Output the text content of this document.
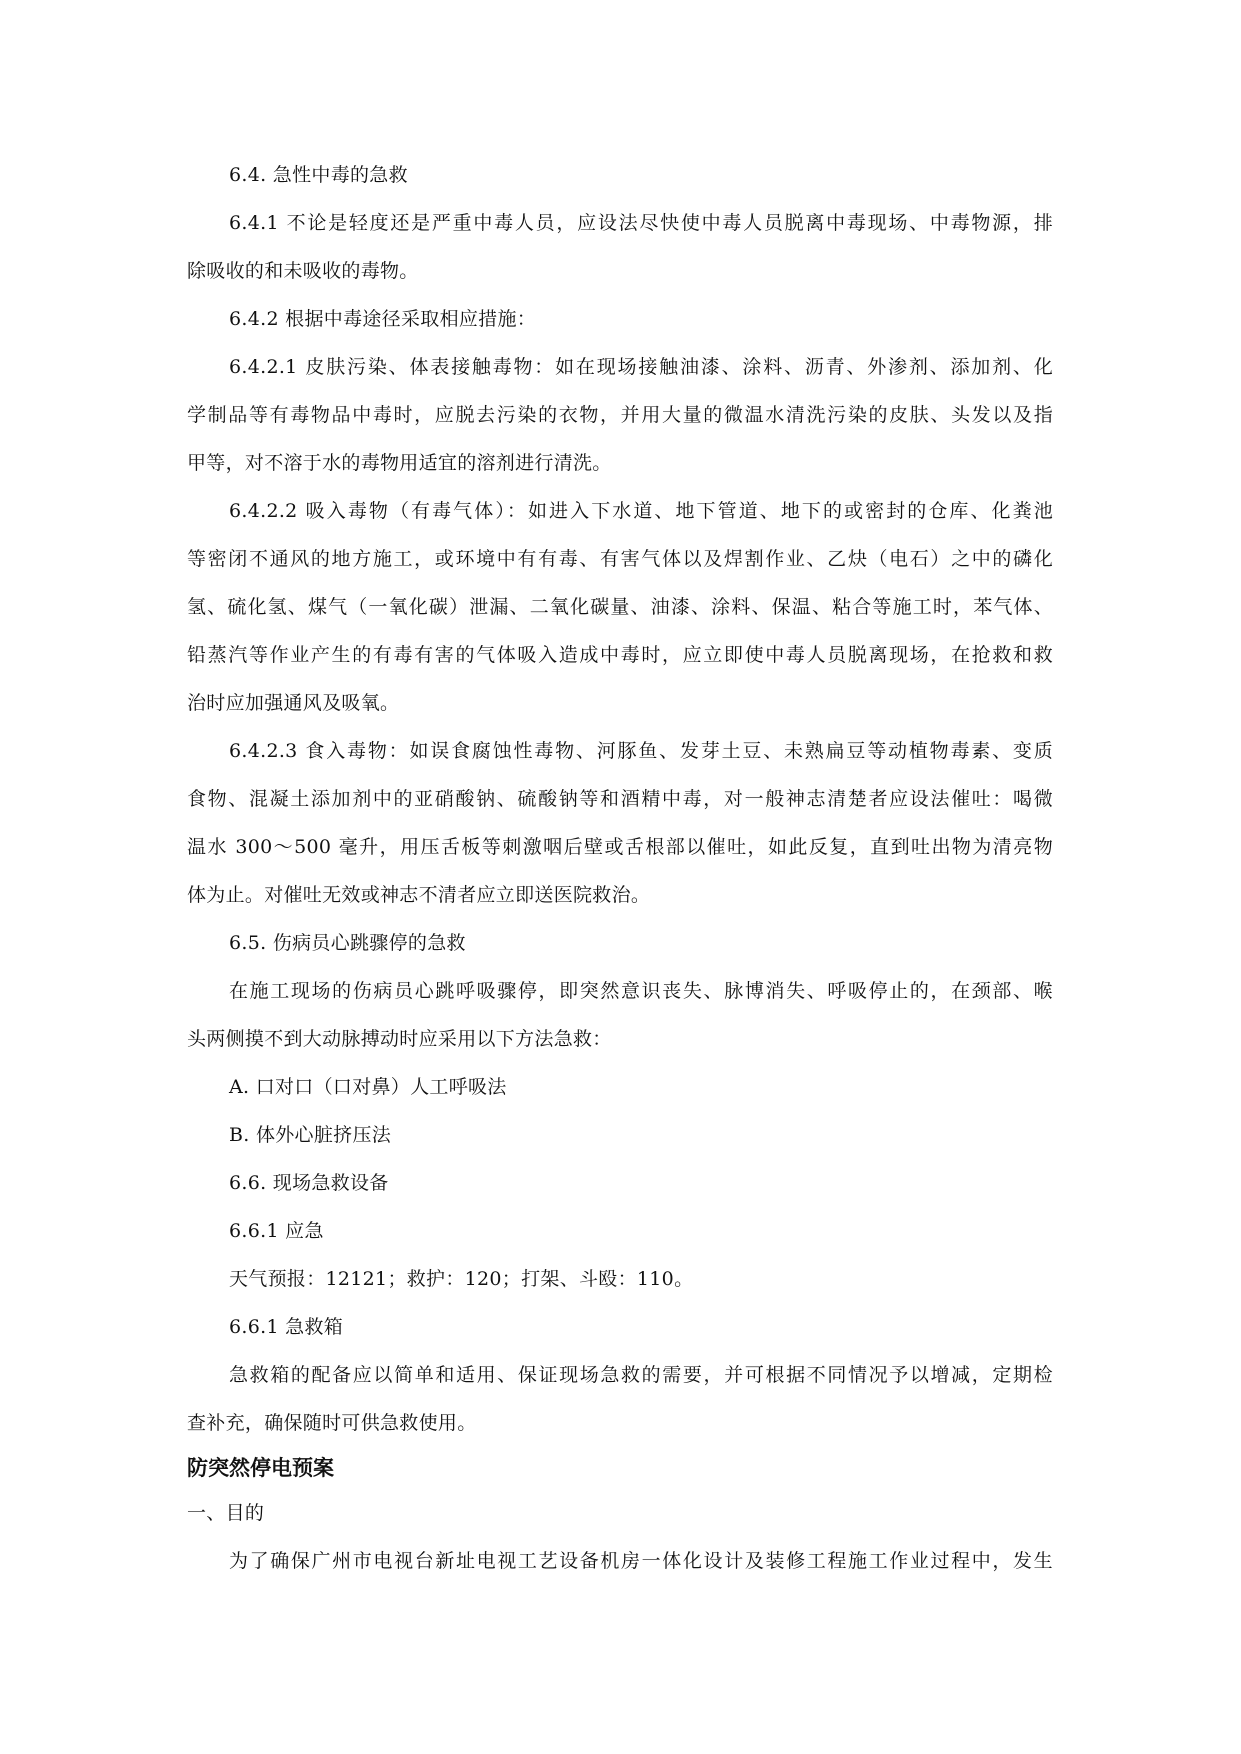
6.4. 急性中毒的急救
6.4.1 不论是轻度还是严重中毒人员，应设法尽快使中毒人员脱离中毒现场、中毒物源，排
除吸收的和未吸收的毒物。
6.4.2 根据中毒途径采取相应措施：
6.4.2.1 皮肤污染、体表接触毒物：如在现场接触油漆、涂料、沥青、外渗剂、添加剂、化
学制品等有毒物品中毒时，应脱去污染的衣物，并用大量的微温水清洗污染的皮肤、头发以及指
甲等，对不溶于水的毒物用适宜的溶剂进行清洗。
6.4.2.2 吸入毒物（有毒气体）：如进入下水道、地下管道、地下的或密封的仓库、化粪池
等密闭不通风的地方施工，或环境中有有毒、有害气体以及焊割作业、乙炔（电石）之中的磷化
氢、硫化氢、煤气（一氧化碳）泄漏、二氧化碳量、油漆、涂料、保温、粘合等施工时，苯气体、
铅蒸汽等作业产生的有毒有害的气体吸入造成中毒时，应立即使中毒人员脱离现场，在抢救和救
治时应加强通风及吸氧。
6.4.2.3 食入毒物：如误食腐蚀性毒物、河豚鱼、发芽土豆、未熟扁豆等动植物毒素、变质
食物、混凝土添加剂中的亚硝酸钠、硫酸钠等和酒精中毒，对一般神志清楚者应设法催吐：喝微
温水 300～500 毫升，用压舌板等刺激咽后壁或舌根部以催吐，如此反复，直到吐出物为清亮物
体为止。对催吐无效或神志不清者应立即送医院救治。
6.5. 伤病员心跳骤停的急救
在施工现场的伤病员心跳呼吸骤停，即突然意识丧失、脉博消失、呼吸停止的，在颈部、喉
头两侧摸不到大动脉搏动时应采用以下方法急救：
A. 口对口（口对鼻）人工呼吸法
B. 体外心脏挤压法
6.6. 现场急救设备
6.6.1 应急
天气预报：12121；救护：120；打架、斗殴：110。
6.6.1 急救箱
急救箱的配备应以简单和适用、保证现场急救的需要，并可根据不同情况予以增减，定期检
查补充，确保随时可供急救使用。
防突然停电预案
一、目的
为了确保广州市电视台新址电视工艺设备机房一体化设计及装修工程施工作业过程中，发生
